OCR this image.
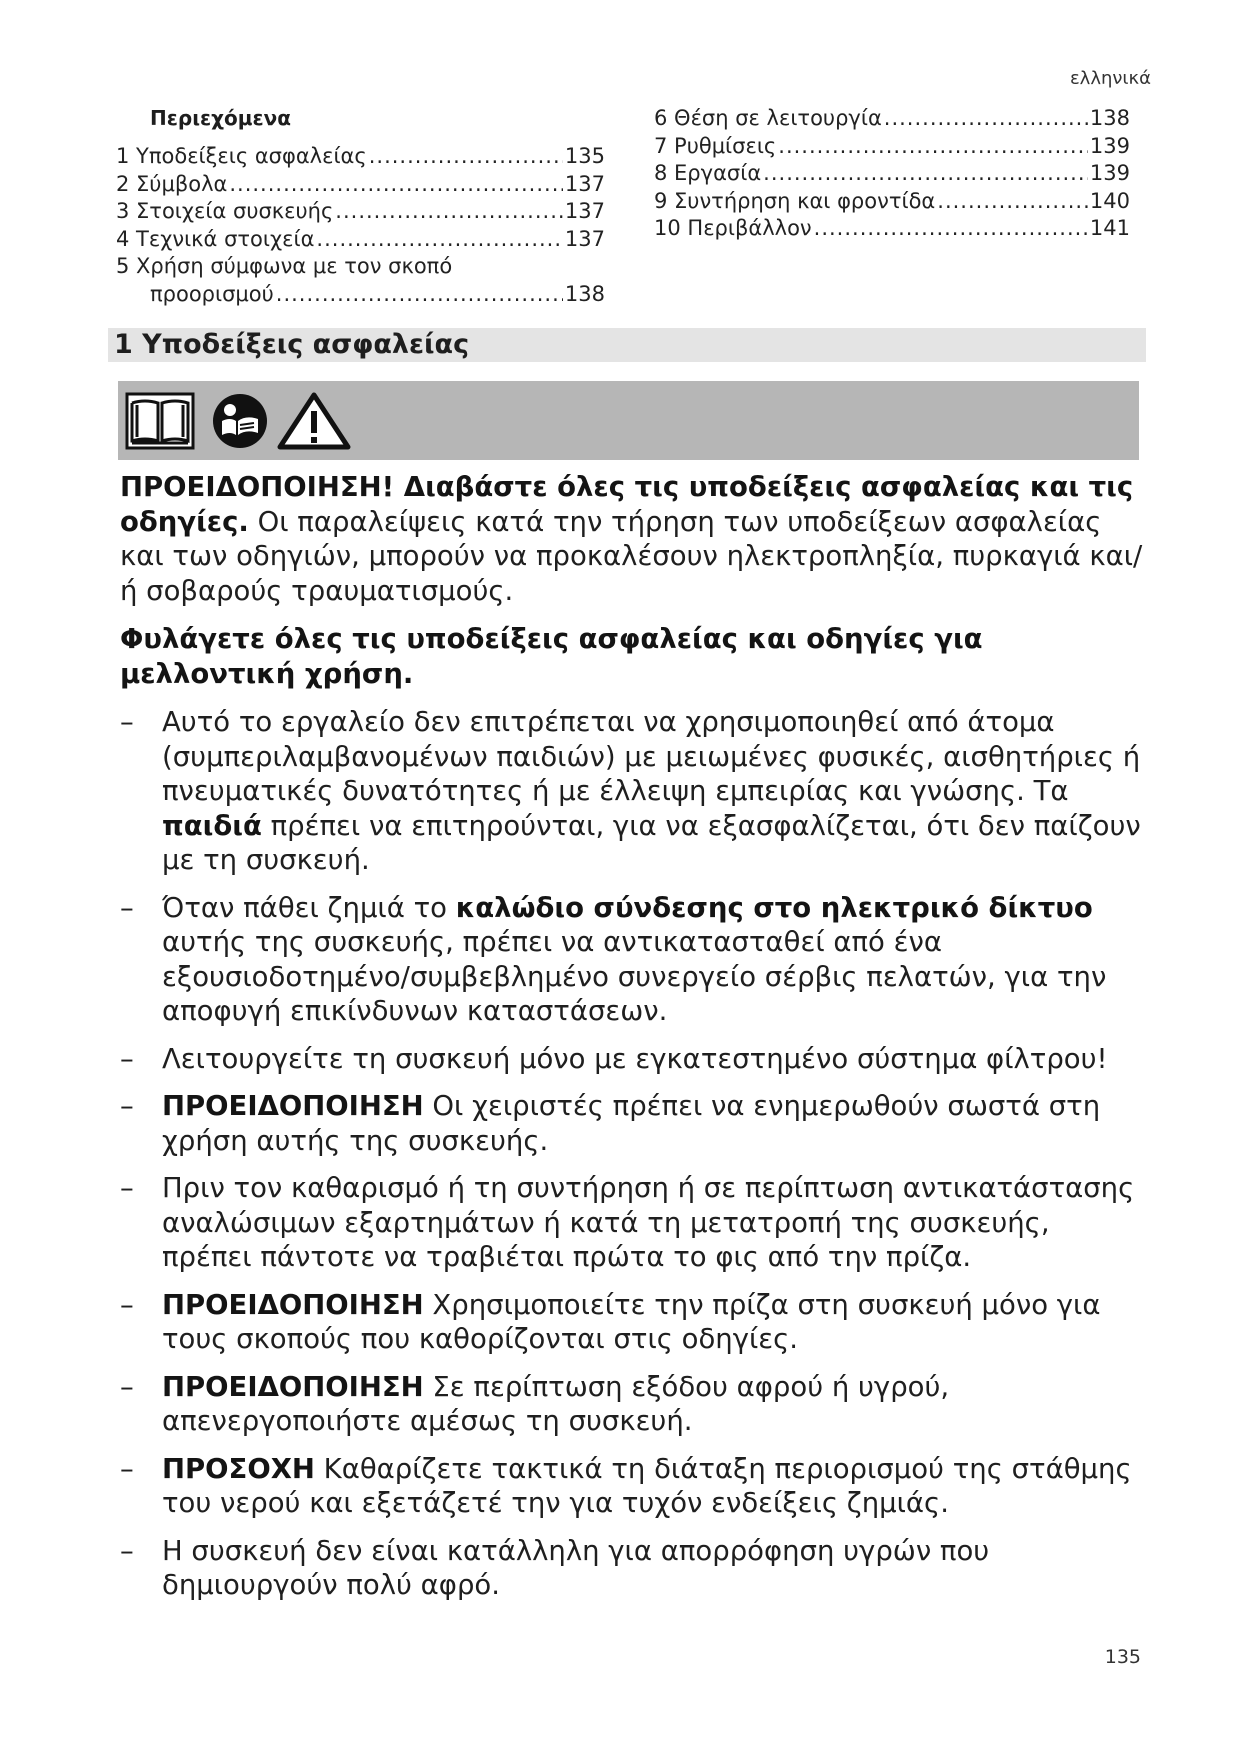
ελληνικά
Περιεχόμενα
1 Υποδείξεις ασφαλείας .....	135
2 Σύμβολα .....	137
3 Στοιχεία συσκευής .....	137
4 Τεχνικά στοιχεία .....	137
5 Χρήση σύμφωνα με τον σκοπό
προορισμού .....	138
6 Θέση σε λειτουργία .....	138
7 Ρυθμίσεις .....	139
8 Εργασία .....	139
9 Συντήρηση και φροντίδα .....	140
10 Περιβάλλον .....	141
1 Υποδείξεις ασφαλείας

ΠΡΟΕΙΔΟΠΟΙΗΣΗ! Διαβάστε όλες τις υποδείξεις ασφαλείας και τις οδηγίες. Οι παραλείψεις κατά την τήρηση των υποδείξεων ασφαλείας και των οδηγιών, μπορούν να προκαλέσουν ηλεκτροπληξία, πυρκαγιά και/ή σοβαρούς τραυματισμούς.

Φυλάγετε όλες τις υποδείξεις ασφαλείας και οδηγίες για μελλοντική χρήση.

– Αυτό το εργαλείο δεν επιτρέπεται να χρησιμοποιηθεί από άτομα (συμπεριλαμβανομένων παιδιών) με μειωμένες φυσικές, αισθητήριες ή πνευματικές δυνατότητες ή με έλλειψη εμπειρίας και γνώσης. Τα παιδιά πρέπει να επιτηρούνται, για να εξασφαλίζεται, ότι δεν παίζουν με τη συσκευή.
– Όταν πάθει ζημιά το καλώδιο σύνδεσης στο ηλεκτρικό δίκτυο αυτής της συσκευής, πρέπει να αντικατασταθεί από ένα εξουσιοδοτημένο/συμβεβλημένο συνεργείο σέρβις πελατών, για την αποφυγή επικίνδυνων καταστάσεων.
– Λειτουργείτε τη συσκευή μόνο με εγκατεστημένο σύστημα φίλτρου!
– ΠΡΟΕΙΔΟΠΟΙΗΣΗ Οι χειριστές πρέπει να ενημερωθούν σωστά στη χρήση αυτής της συσκευής.
– Πριν τον καθαρισμό ή τη συντήρηση ή σε περίπτωση αντικατάστασης αναλώσιμων εξαρτημάτων ή κατά τη μετατροπή της συσκευής, πρέπει πάντοτε να τραβιέται πρώτα το φις από την πρίζα.
– ΠΡΟΕΙΔΟΠΟΙΗΣΗ Χρησιμοποιείτε την πρίζα στη συσκευή μόνο για τους σκοπούς που καθορίζονται στις οδηγίες.
– ΠΡΟΕΙΔΟΠΟΙΗΣΗ Σε περίπτωση εξόδου αφρού ή υγρού, απενεργοποιήστε αμέσως τη συσκευή.
– ΠΡΟΣΟΧΗ Καθαρίζετε τακτικά τη διάταξη περιορισμού της στάθμης του νερού και εξετάζετέ την για τυχόν ενδείξεις ζημιάς.
– Η συσκευή δεν είναι κατάλληλη για απορρόφηση υγρών που δημιουργούν πολύ αφρό.
135
